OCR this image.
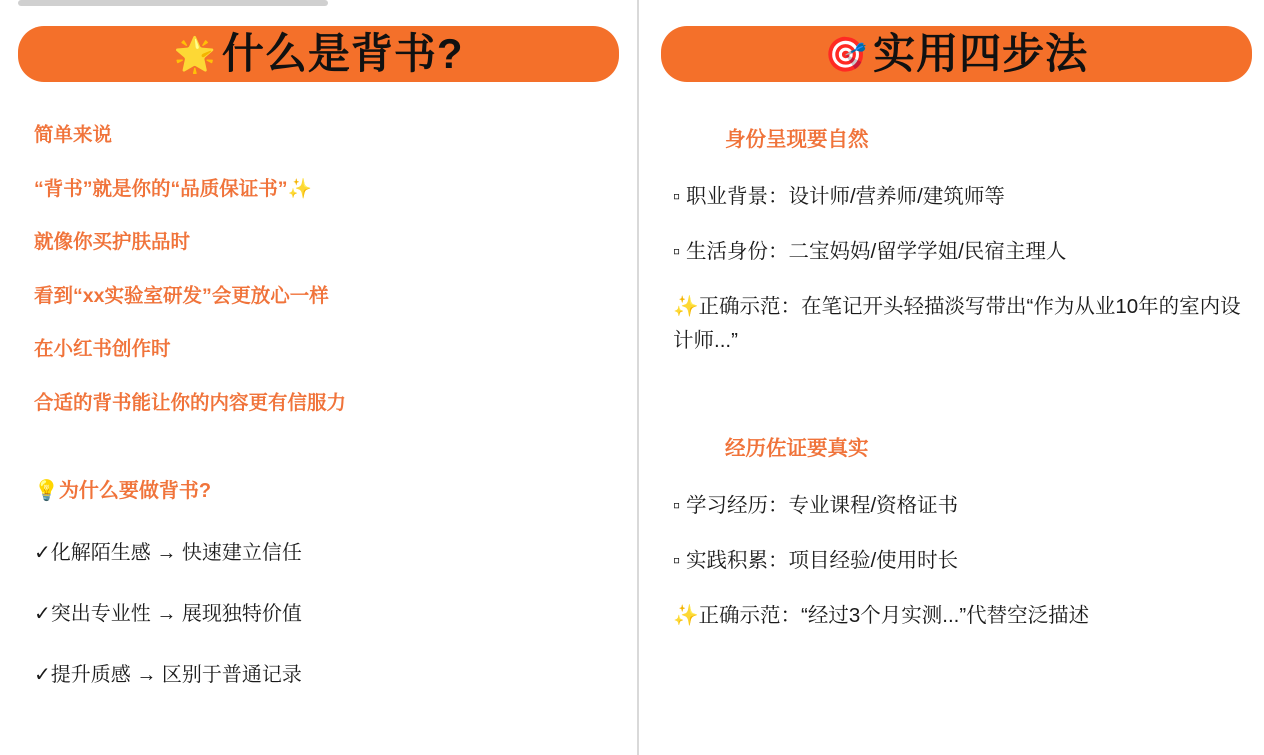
🌟 什么是背书?
简单来说
“背书”就是你的“品质保证书”✨
就像你买护肤品时
看到“xx实验室研发”会更放心一样
在小红书创作时
合适的背书能让你的内容更有信服力
💡为什么要做背书?
✓化解陌生感 → 快速建立信任
✓突出专业性 → 展现独特价值
✓提升质感 → 区别于普通记录
🎯 实用四步法
身份呈现要自然
▫ 职业背景：设计师/营养师/建筑师等
▫ 生活身份：二宝妈妈/留学学姐/民宿主理人
✨正确示范：在笔记开头轻描淡写带出“作为从业10年的室内设计师...”
经历佐证要真实
▫ 学习经历：专业课程/资格证书
▫ 实践积累：项目经验/使用时长
✨正确示范：“经过3个月实测...”代替空泛描述
